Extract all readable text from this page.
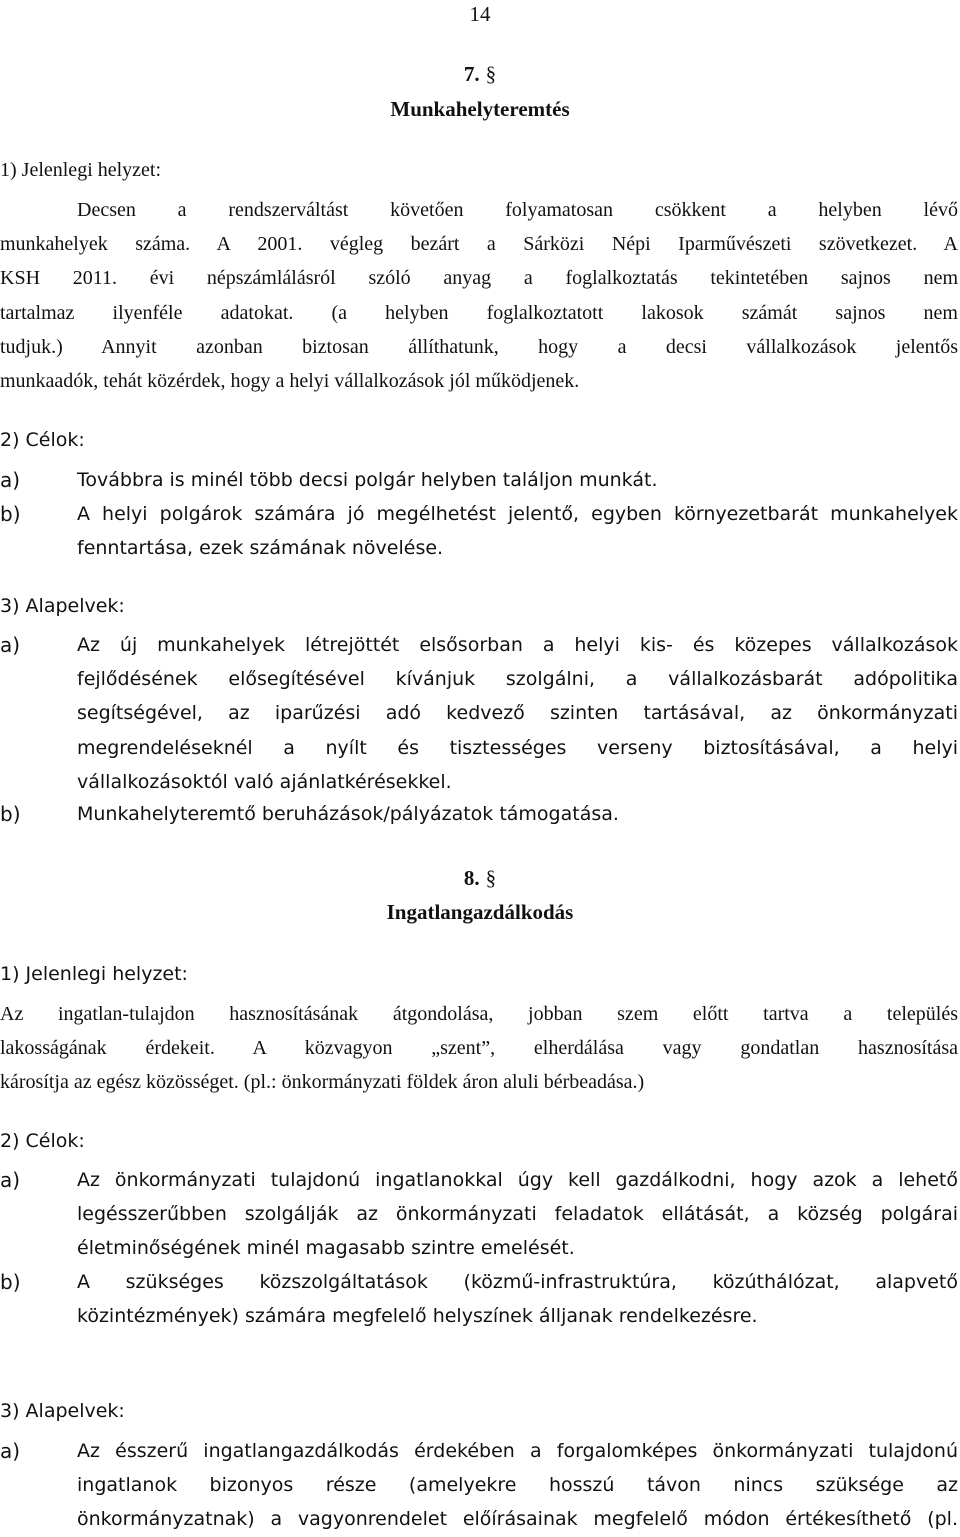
14
7. §
Munkahelyteremtés
1) Jelenlegi helyzet:
Decsen a rendszerváltást követően folyamatosan csökkent a helyben lévő
munkahelyek száma. A 2001. végleg bezárt a Sárközi Népi Iparművészeti szövetkezet. A
KSH 2011. évi népszámlálásról szóló anyag a foglalkoztatás tekintetében sajnos nem
tartalmaz ilyenféle adatokat. (a helyben foglalkoztatott lakosok számát sajnos nem
tudjuk.) Annyit azonban biztosan állíthatunk, hogy a decsi vállalkozások jelentős
munkaadók, tehát közérdek, hogy a helyi vállalkozások jól működjenek.
2) Célok:
a)	Továbbra is minél több decsi polgár helyben találjon munkát.
b)	A helyi polgárok számára jó megélhetést jelentő, egyben környezetbarát munkahelyek
fenntartása, ezek számának növelése.
3) Alapelvek:
a)	Az új munkahelyek létrejöttét elsősorban a helyi kis- és közepes vállalkozások
fejlődésének elősegítésével kívánjuk szolgálni, a vállalkozásbarát adópolitika
segítségével, az iparűzési adó kedvező szinten tartásával, az önkormányzati
megrendeléseknél a nyílt és tisztességes verseny biztosításával, a helyi
vállalkozásoktól való ajánlatkérésekkel.
b)	Munkahelyteremtő beruházások/pályázatok támogatása.
8. §
Ingatlangazdálkodás
1) Jelenlegi helyzet:
Az ingatlan-tulajdon hasznosításának átgondolása, jobban szem előtt tartva a település
lakosságának érdekeit. A közvagyon „szent”, elherdálása vagy gondatlan hasznosítása
károsítja az egész közösséget. (pl.: önkormányzati földek áron aluli bérbeadása.)
2) Célok:
a)	Az önkormányzati tulajdonú ingatlanokkal úgy kell gazdálkodni, hogy azok a lehető
legésszerűbben szolgálják az önkormányzati feladatok ellátását, a község polgárai
életminőségének minél magasabb szintre emelését.
b)	A szükséges közszolgáltatások (közmű-infrastruktúra, közúthálózat, alapvető
közintézmények) számára megfelelő helyszínek álljanak rendelkezésre.
3) Alapelvek:
a)	Az ésszerű ingatlangazdálkodás érdekében a forgalomképes önkormányzati tulajdonú
ingatlanok bizonyos része (amelyekre hosszú távon nincs szüksége az
önkormányzatnak) a vagyonrendelet előírásainak megfelelő módon értékesíthető (pl.
